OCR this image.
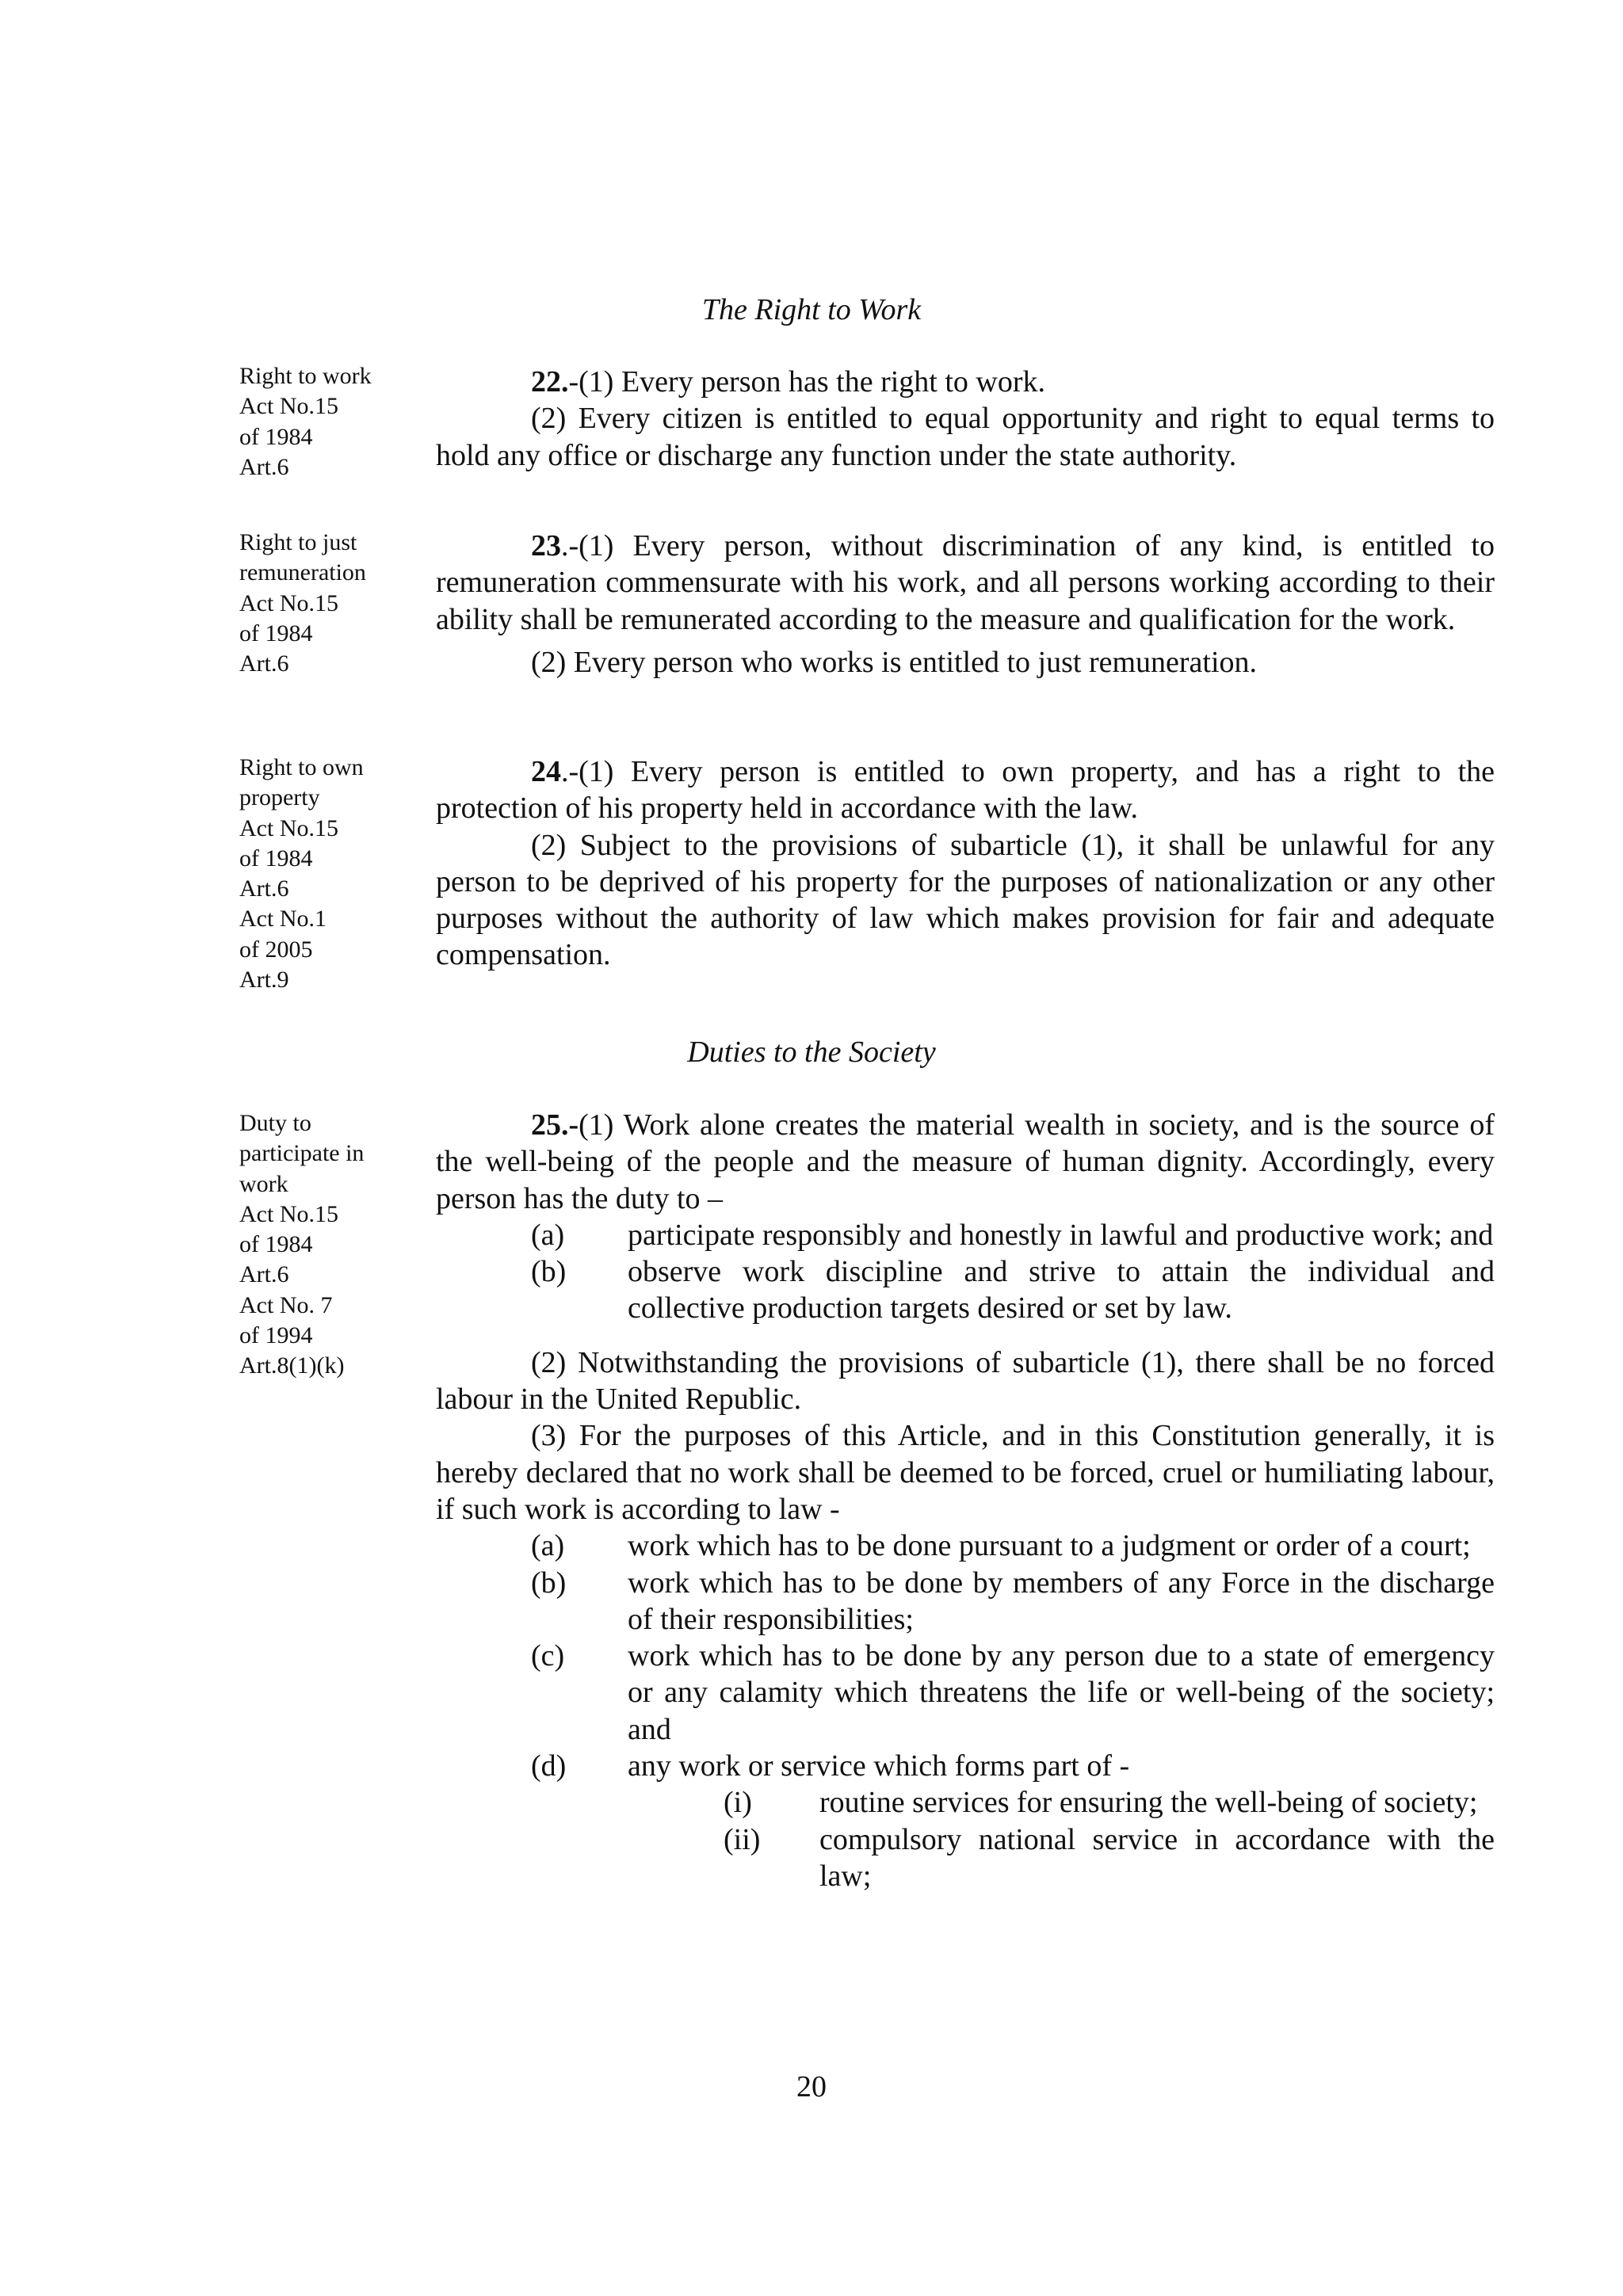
The Right to Work
Right to work
Act No.15
of 1984
Art.6

22.-(1) Every person has the right to work.

(2) Every citizen is entitled to equal opportunity and right to equal terms to hold any office or discharge any function under the state authority.

Right to just
remuneration
Act No.15
of 1984
Art.6

23.-(1) Every person, without discrimination of any kind, is entitled to remuneration commensurate with his work, and all persons working according to their ability shall be remunerated according to the measure and qualification for the work.

(2) Every person who works is entitled to just remuneration.

Right to own
property
Act No.15
of 1984
Art.6
Act No.1
of 2005
Art.9

24.-(1) Every person is entitled to own property, and has a right to the protection of his property held in accordance with the law.

(2) Subject to the provisions of subarticle (1), it shall be unlawful for any person to be deprived of his property for the purposes of nationalization or any other purposes without the authority of law which makes provision for fair and adequate compensation.

Duties to the Society
Duty to
participate in
work
Act No.15
of 1984
Art.6
Act No. 7
of 1994
Art.8(1)(k)

25.-(1) Work alone creates the material wealth in society, and is the source of the well-being of the people and the measure of human dignity. Accordingly, every person has the duty to –

(a) participate responsibly and honestly in lawful and productive work; and
(b) observe work discipline and strive to attain the individual and collective production targets desired or set by law.

(2) Notwithstanding the provisions of subarticle (1), there shall be no forced labour in the United Republic.

(3) For the purposes of this Article, and in this Constitution generally, it is hereby declared that no work shall be deemed to be forced, cruel or humiliating labour, if such work is according to law -

(a) work which has to be done pursuant to a judgment or order of a court;
(b) work which has to be done by members of any Force in the discharge of their responsibilities;
(c) work which has to be done by any person due to a state of emergency or any calamity which threatens the life or well-being of the society; and
(d) any work or service which forms part of -
(i) routine services for ensuring the well-being of society;
(ii) compulsory national service in accordance with the law;
20
